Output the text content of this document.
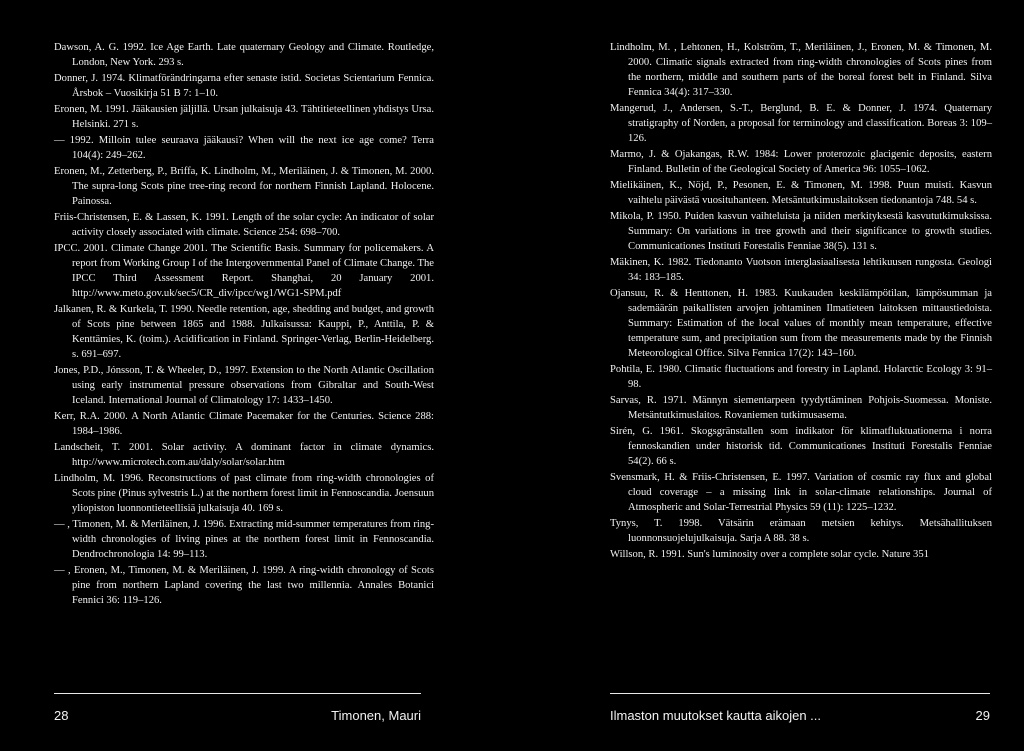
Dawson, A. G. 1992. Ice Age Earth. Late quaternary Geology and Climate. Routledge, London, New York. 293 s.

Donner, J. 1974. Klimatförändringarna efter senaste istid. Societas Scientarium Fennica. Årsbok – Vuosikirja 51 B 7: 1–10.

Eronen, M. 1991. Jääkausien jäljillä. Ursan julkaisuja 43. Tähtitieteellinen yhdistys Ursa. Helsinki. 271 s.

— 1992. Milloin tulee seuraava jääkausi? When will the next ice age come? Terra 104(4): 249–262.

Eronen, M., Zetterberg, P., Briffa, K. Lindholm, M., Meriläinen, J. & Timonen, M. 2000. The supra-long Scots pine tree-ring record for northern Finnish Lapland. Holocene. Painossa.

Friis-Christensen, E. & Lassen, K. 1991. Length of the solar cycle: An indicator of solar activity closely associated with climate. Science 254: 698–700.

IPCC. 2001. Climate Change 2001. The Scientific Basis. Summary for policemakers. A report from Working Group I of the Intergovernmental Panel of Climate Change. The IPCC Third Assessment Report. Shanghai, 20 January 2001. http://www.meto.gov.uk/sec5/CR_div/ipcc/wg1/WG1-SPM.pdf

Jalkanen, R. & Kurkela, T. 1990. Needle retention, age, shedding and budget, and growth of Scots pine between 1865 and 1988. Julkaisussa: Kauppi, P., Anttila, P. & Kenttämies, K. (toim.). Acidification in Finland. Springer-Verlag, Berlin-Heidelberg. s. 691–697.

Jones, P.D., Jónsson, T. & Wheeler, D., 1997. Extension to the North Atlantic Oscillation using early instrumental pressure observations from Gibraltar and South-West Iceland. International Journal of Climatology 17: 1433–1450.

Kerr, R.A. 2000. A North Atlantic Climate Pacemaker for the Centuries. Science 288: 1984–1986.

Landscheit, T. 2001. Solar activity. A dominant factor in climate dynamics. http://www.microtech.com.au/daly/solar/solar.htm

Lindholm, M. 1996. Reconstructions of past climate from ring-width chronologies of Scots pine (Pinus sylvestris L.) at the northern forest limit in Fennoscandia. Joensuun yliopiston luonnontieteellisiä julkaisuja 40. 169 s.

— , Timonen, M. & Meriläinen, J. 1996. Extracting mid-summer temperatures from ring-width chronologies of living pines at the northern forest limit in Fennoscandia. Dendrochronologia 14: 99–113.

— , Eronen, M., Timonen, M. & Meriläinen, J. 1999. A ring-width chronology of Scots pine from northern Lapland covering the last two millennia. Annales Botanici Fennici 36: 119–126.

28	Timonen, Mauri

Lindholm, M. , Lehtonen, H., Kolström, T., Meriläinen, J., Eronen, M. & Timonen, M. 2000. Climatic signals extracted from ring-width chronologies of Scots pines from the northern, middle and southern parts of the boreal forest belt in Finland. Silva Fennica 34(4): 317–330.

Mangerud, J., Andersen, S.-T., Berglund, B. E. & Donner, J. 1974. Quaternary stratigraphy of Norden, a proposal for terminology and classification. Boreas 3: 109–126.

Marmo, J. & Ojakangas, R.W. 1984: Lower proterozoic glacigenic deposits, eastern Finland. Bulletin of the Geological Society of America 96: 1055–1062.

Mielikäinen, K., Nöjd, P., Pesonen, E. & Timonen, M. 1998. Puun muisti. Kasvun vaihtelu päivästä vuosituhanteen. Metsäntutkimuslaitoksen tiedonantoja 748. 54 s.

Mikola, P. 1950. Puiden kasvun vaihteluista ja niiden merkityksestä kasvututkimuksissa. Summary: On variations in tree growth and their significance to growth studies. Communicationes Instituti Forestalis Fenniae 38(5). 131 s.

Mäkinen, K. 1982. Tiedonanto Vuotson interglasiaalisesta lehtikuusen rungosta. Geologi 34: 183–185.

Ojansuu, R. & Henttonen, H. 1983. Kuukauden keskilämpötilan, lämpösumman ja sademäärän paikallisten arvojen johtaminen Ilmatieteen laitoksen mittaustiedoista. Summary: Estimation of the local values of monthly mean temperature, effective temperature sum, and precipitation sum from the measurements made by the Finnish Meteorological Office. Silva Fennica 17(2): 143–160.

Pohtila, E. 1980. Climatic fluctuations and forestry in Lapland. Holarctic Ecology 3: 91–98.

Sarvas, R. 1971. Männyn siementarpeen tyydyttäminen Pohjois-Suomessa. Moniste. Metsäntutkimuslaitos. Rovaniemen tutkimusasema.

Sirén, G. 1961. Skogsgränstallen som indikator för klimatfluktuationerna i norra fennoskandien under historisk tid. Communicationes Instituti Forestalis Fenniae 54(2). 66 s.

Svensmark, H. & Friis-Christensen, E. 1997. Variation of cosmic ray flux and global cloud coverage – a missing link in solar-climate relationships. Journal of Atmospheric and Solar-Terrestrial Physics 59 (11): 1225–1232.

Tynys, T. 1998. Vätsärin erämaan metsien kehitys. Metsähallituksen luonnonsuojelujulkaisuja. Sarja A 88. 38 s.

Willson, R. 1991. Sun's luminosity over a complete solar cycle. Nature 351

Ilmaston muutokset kautta aikojen ...	29
